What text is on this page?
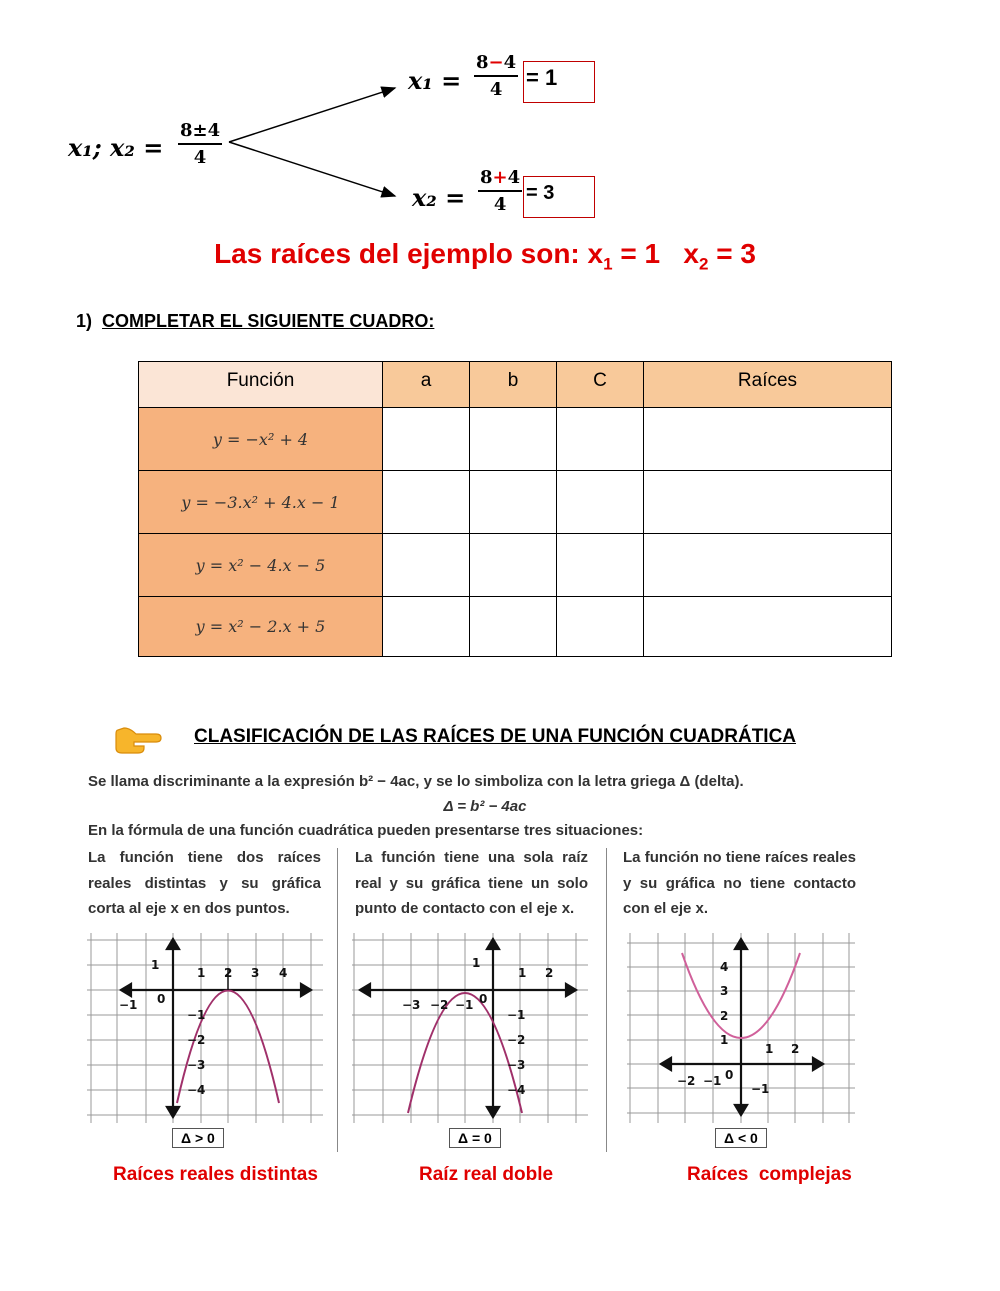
x₁; x₂ =
8±4
4
x₁ =
8−4
4	= 1
x₂ =
8+4
4
= 3
Las raíces del ejemplo son: $x_1 = 1$   $x_2 = 3$
1) COMPLETAR EL SIGUIENTE CUADRO:
Función	a	b	C	Raíces
y = −x² + 4				
y = −3.x² + 4.x − 1				
y = x² − 4.x − 5				
y = x² − 2.x + 5				
CLASIFICACIÓN DE LAS RAÍCES DE UNA FUNCIÓN CUADRÁTICA
Se llama discriminante a la expresión b² − 4ac, y se lo simboliza con la letra griega Δ (delta).
Δ = b² − 4ac
En la fórmula de una función cuadrática pueden presentarse tres situaciones:
La función tiene dos raíces reales distintas y su gráfica corta al eje x en dos puntos.
La función tiene una sola raíz real y su gráfica tiene un solo punto de contacto con el eje x.
La función no tiene raíces reales y su gráfica no tiene contacto con el eje x.
−1 0
1 2 3 4
1
−1
−2
−3
−4
−3 −2 −1 0
1 2
1
−1
−2
−3
−4
−2 −1 0
1 2
4
3
2
1
−1
Δ > 0	Δ = 0	Δ < 0
Raíces reales distintas	Raíz real doble	Raíces  complejas
